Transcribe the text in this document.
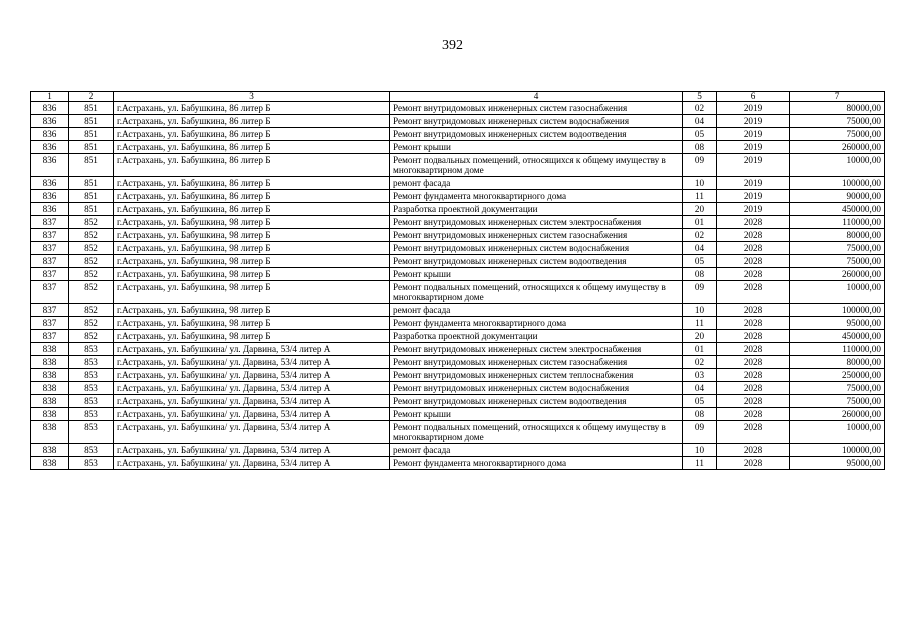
392
1	2	3	4	5	6	7
836	851	г.Астрахань, ул. Бабушкина, 86 литер Б	Ремонт внутридомовых инженерных систем газоснабжения	02	2019	80000,00
836	851	г.Астрахань, ул. Бабушкина, 86 литер Б	Ремонт внутридомовых инженерных систем водоснабжения	04	2019	75000,00
836	851	г.Астрахань, ул. Бабушкина, 86 литер Б	Ремонт внутридомовых инженерных систем водоотведения	05	2019	75000,00
836	851	г.Астрахань, ул. Бабушкина, 86 литер Б	Ремонт крыши	08	2019	260000,00
836	851	г.Астрахань, ул. Бабушкина, 86 литер Б	Ремонт подвальных помещений, относящихся к общему имуществу в многоквартирном доме	09	2019	10000,00
836	851	г.Астрахань, ул. Бабушкина, 86 литер Б	ремонт фасада	10	2019	100000,00
836	851	г.Астрахань, ул. Бабушкина, 86 литер Б	Ремонт фундамента многоквартирного дома	11	2019	90000,00
836	851	г.Астрахань, ул. Бабушкина, 86 литер Б	Разработка проектной документации	20	2019	450000,00
837	852	г.Астрахань, ул. Бабушкина, 98 литер Б	Ремонт внутридомовых инженерных систем электроснабжения	01	2028	110000,00
837	852	г.Астрахань, ул. Бабушкина, 98 литер Б	Ремонт внутридомовых инженерных систем газоснабжения	02	2028	80000,00
837	852	г.Астрахань, ул. Бабушкина, 98 литер Б	Ремонт внутридомовых инженерных систем водоснабжения	04	2028	75000,00
837	852	г.Астрахань, ул. Бабушкина, 98 литер Б	Ремонт внутридомовых инженерных систем водоотведения	05	2028	75000,00
837	852	г.Астрахань, ул. Бабушкина, 98 литер Б	Ремонт крыши	08	2028	260000,00
837	852	г.Астрахань, ул. Бабушкина, 98 литер Б	Ремонт подвальных помещений, относящихся к общему имуществу в многоквартирном доме	09	2028	10000,00
837	852	г.Астрахань, ул. Бабушкина, 98 литер Б	ремонт фасада	10	2028	100000,00
837	852	г.Астрахань, ул. Бабушкина, 98 литер Б	Ремонт фундамента многоквартирного дома	11	2028	95000,00
837	852	г.Астрахань, ул. Бабушкина, 98 литер Б	Разработка проектной документации	20	2028	450000,00
838	853	г.Астрахань, ул. Бабушкина/ ул. Дарвина, 53/4 литер А	Ремонт внутридомовых инженерных систем электроснабжения	01	2028	110000,00
838	853	г.Астрахань, ул. Бабушкина/ ул. Дарвина, 53/4 литер А	Ремонт внутридомовых инженерных систем газоснабжения	02	2028	80000,00
838	853	г.Астрахань, ул. Бабушкина/ ул. Дарвина, 53/4 литер А	Ремонт внутридомовых инженерных систем теплоснабжения	03	2028	250000,00
838	853	г.Астрахань, ул. Бабушкина/ ул. Дарвина, 53/4 литер А	Ремонт внутридомовых инженерных систем водоснабжения	04	2028	75000,00
838	853	г.Астрахань, ул. Бабушкина/ ул. Дарвина, 53/4 литер А	Ремонт внутридомовых инженерных систем водоотведения	05	2028	75000,00
838	853	г.Астрахань, ул. Бабушкина/ ул. Дарвина, 53/4 литер А	Ремонт крыши	08	2028	260000,00
838	853	г.Астрахань, ул. Бабушкина/ ул. Дарвина, 53/4 литер А	Ремонт подвальных помещений, относящихся к общему имуществу в многоквартирном доме	09	2028	10000,00
838	853	г.Астрахань, ул. Бабушкина/ ул. Дарвина, 53/4 литер А	ремонт фасада	10	2028	100000,00
838	853	г.Астрахань, ул. Бабушкина/ ул. Дарвина, 53/4 литер А	Ремонт фундамента многоквартирного дома	11	2028	95000,00
